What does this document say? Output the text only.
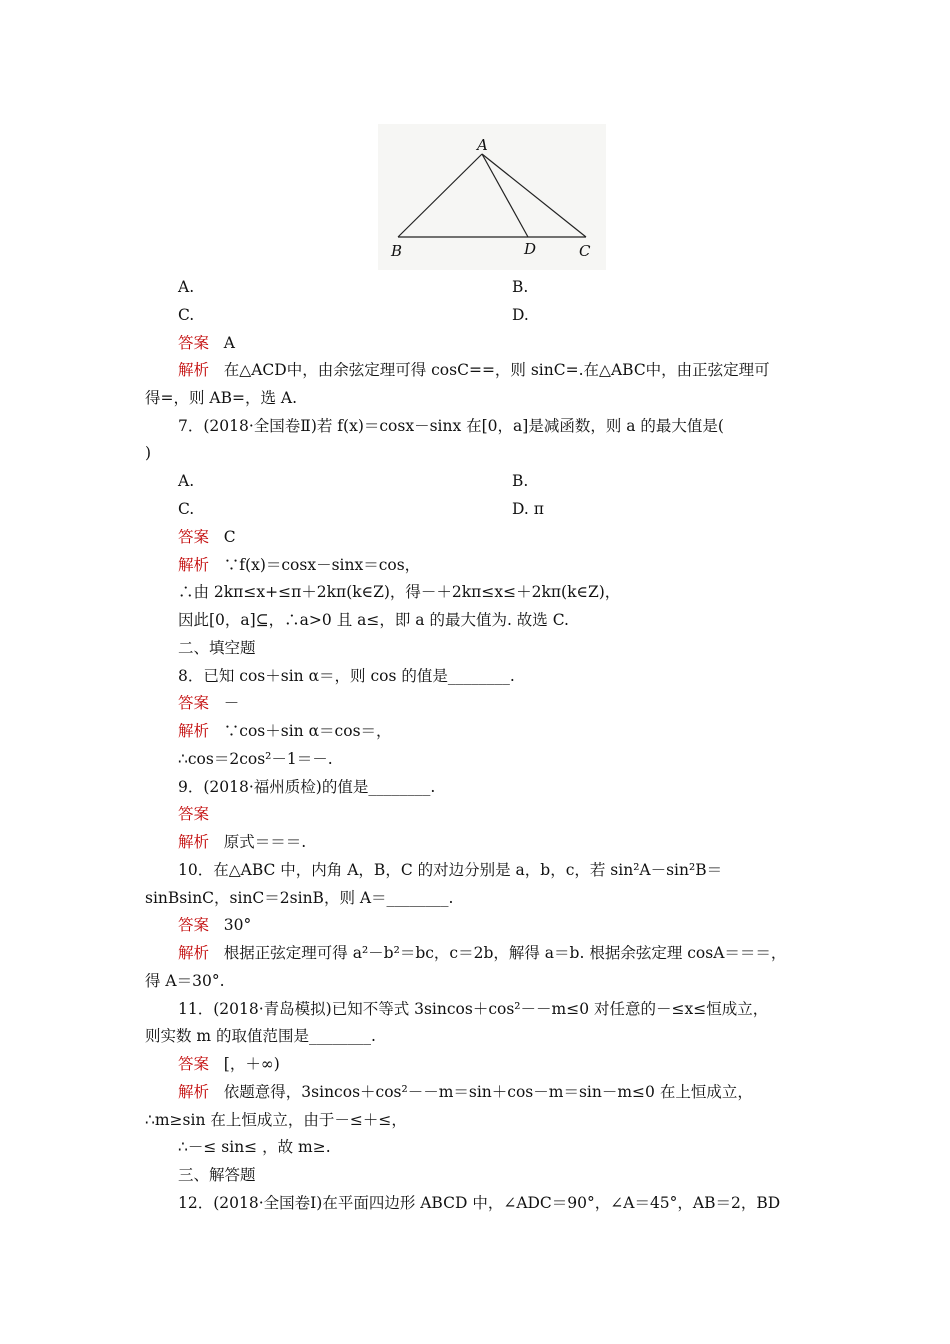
A
B	D	C
A.	B.
C.	D.
答案 A
解析 在△ACD中，由余弦定理可得 cosC==，则 sinC=.在△ABC中，由正弦定理可
得=，则 AB=，选 A.
7．(2018·全国卷Ⅱ)若 f(x)＝cosx－sinx 在[0，a]是减函数，则 a 的最大值是(
)
A.	B.
C.	D. π
答案 C
解析 ∵f(x)＝cosx－sinx＝cos，
∴由 2kπ≤x+≤π＋2kπ(k∈Z)，得－＋2kπ≤x≤＋2kπ(k∈Z)，
因此[0，a]⊆，∴a>0 且 a≤，即 a 的最大值为. 故选 C.
二、填空题
8．已知 cos＋sin α＝，则 cos 的值是________.
答案 －
解析 ∵cos＋sin α＝cos＝，
∴cos＝2cos²－1＝－.
9．(2018·福州质检)的值是________.
答案
解析 原式＝＝＝.
10．在△ABC 中，内角 A，B，C 的对边分别是 a，b，c，若 sin²A－sin²B＝
sinBsinC，sinC＝2sinB，则 A＝________.
答案 30°
解析 根据正弦定理可得 a²－b²＝bc，c＝2b，解得 a＝b. 根据余弦定理 cosA＝＝＝，
得 A＝30°.
11．(2018·青岛模拟)已知不等式 3sincos＋cos²－－m≤0 对任意的－≤x≤恒成立，
则实数 m 的取值范围是________.
答案 [，＋∞)
解析 依题意得，3sincos＋cos²－－m＝sin＋cos－m＝sin－m≤0 在上恒成立，
∴m≥sin 在上恒成立，由于－≤＋≤，
∴－≤ sin≤ ，故 m≥.
三、解答题
12．(2018·全国卷Ⅰ)在平面四边形 ABCD 中，∠ADC＝90°，∠A＝45°，AB＝2，BD
